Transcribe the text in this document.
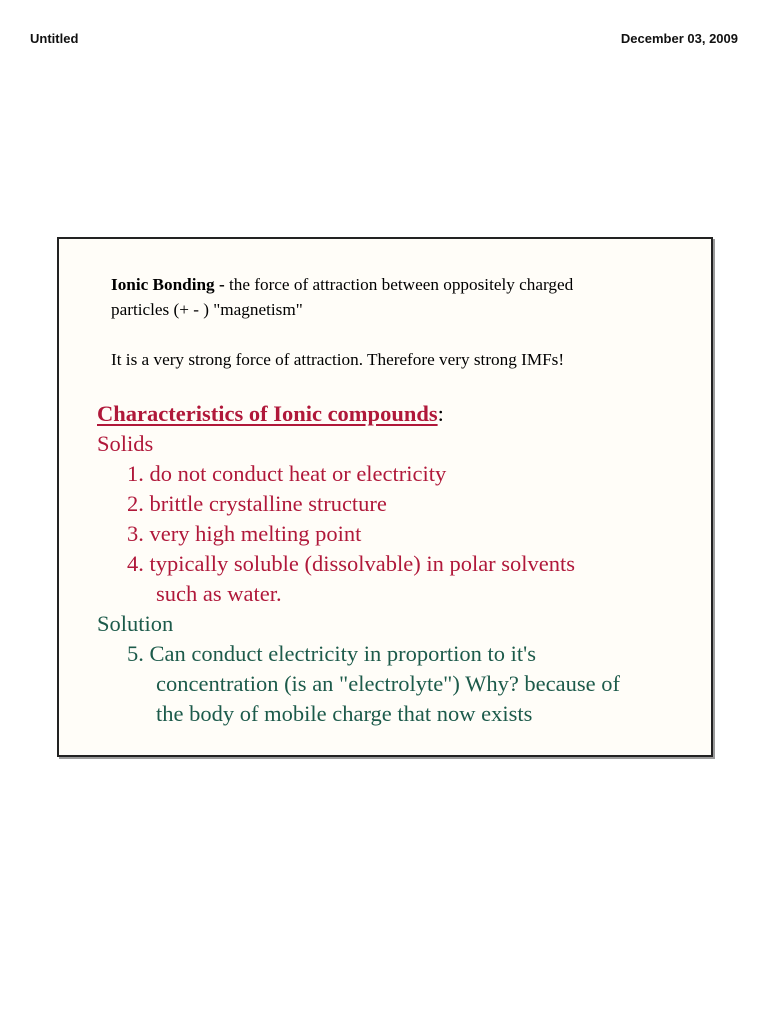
Untitled	December 03, 2009

Ionic Bonding - the force of attraction between oppositely charged
particles (+ - ) "magnetism"

It is a very strong force of attraction. Therefore very strong IMFs!

Characteristics of Ionic compounds:

Solids

1. do not conduct heat or electricity

2. brittle crystalline structure

3. very high melting point

4. typically soluble (dissolvable) in polar solvents

such as water.

Solution

5. Can conduct electricity in proportion to it's

concentration (is an "electrolyte") Why? because of

the body of mobile charge that now exists
